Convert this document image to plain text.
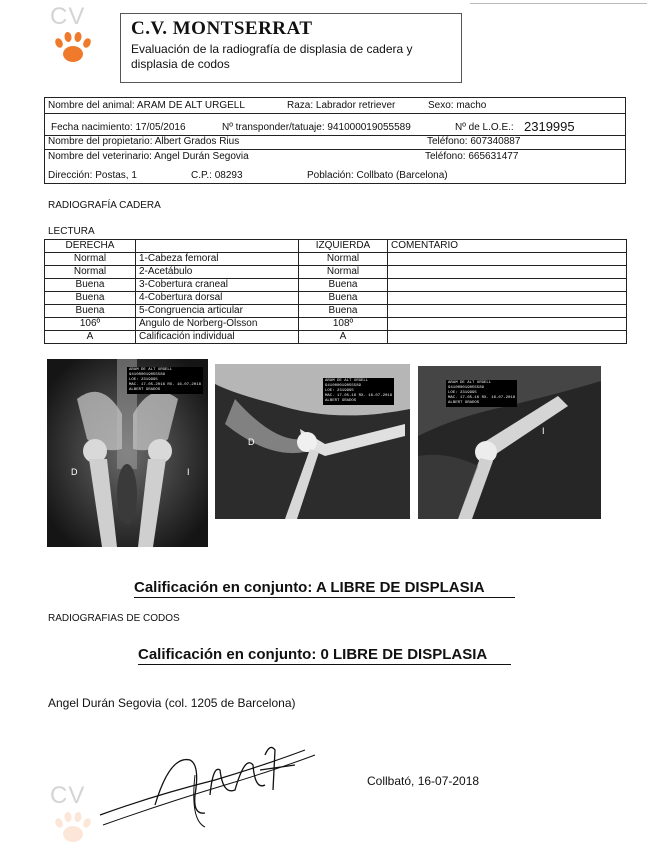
CV C.V. MONTSERRAT
Evaluación de la radiografía de displasia de cadera y displasia de codos
Nombre del animal: ARAM DE ALT URGELL	Raza: Labrador retriever	Sexo: macho
Fecha nacimiento: 17/05/2016	Nº transponder/tatuaje: 941000019055589	Nº de L.O.E.: 2319995
Nombre del propietario: Albert Grados Rius	Teléfono: 607340887
Nombre del veterinario: Angel Durán Segovia	Teléfono: 665631477
Dirección: Postas, 1	C.P.: 08293	Población: Collbato (Barcelona)
RADIOGRAFÍA CADERA
LECTURA
DERECHA		IZQUIERDA	COMENTARIO
Normal	1-Cabeza femoral	Normal	
Normal	2-Acetábulo	Normal	
Buena	3-Cobertura craneal	Buena	
Buena	4-Cobertura dorsal	Buena	
Buena	5-Congruencia articular	Buena	
106º	Ángulo de Norberg-Olsson	108º	
A	Calificación individual	A	
ARAM DE ALT URGELL
941000019055589
LOE: 2319995
MAC. 17-05-2016 RX. 16-07-2018
ALBERT GRADOS
D	I
ARAM DE ALT URGELL
941000019055589
LOE: 2319995
MAC. 17-05-16 RX. 16-07-2018
ALBERT GRADOS
D
ARAM DE ALT URGELL
941000019055589
LOE: 2319995
MAC. 17-05-16 RX. 16-07-2018
ALBERT GRADOS
I
Calificación en conjunto: A LIBRE DE DISPLASIA
RADIOGRAFIAS DE CODOS
Calificación en conjunto: 0 LIBRE DE DISPLASIA
Angel Durán Segovia (col. 1205 de Barcelona)
Collbató, 16-07-2018
CV
